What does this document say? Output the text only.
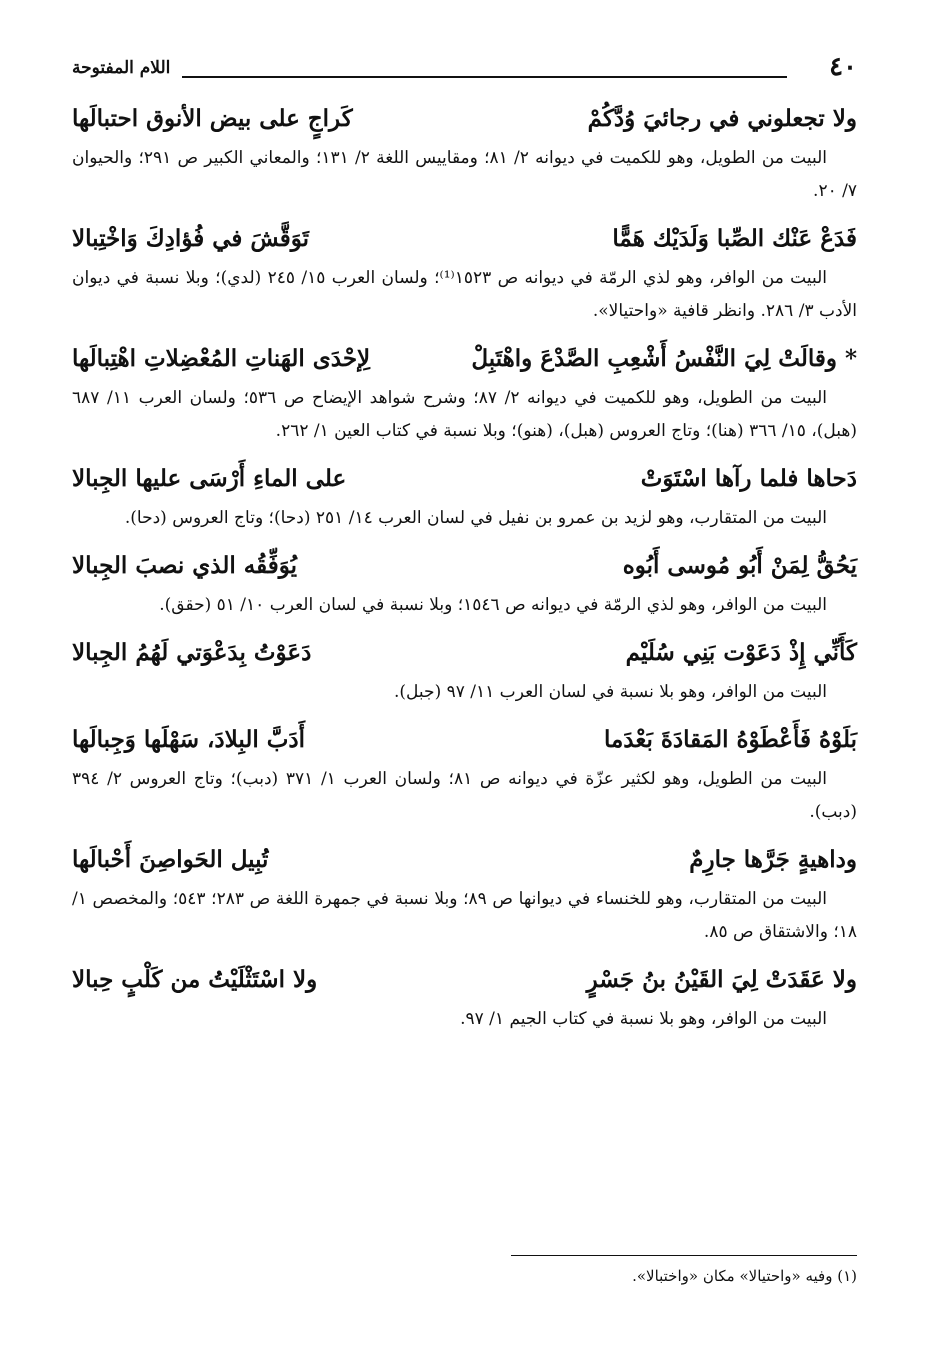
٤٠
اللام المفتوحة
ولا تجعلوني في رجائيَ وُدَّكُمْ
كَراجٍ على بيض الأنوق احتبالَها
البيت من الطويل، وهو للكميت في ديوانه ٢/ ٨١؛ ومقاييس اللغة ٢/ ١٣١؛ والمعاني الكبير ص ٢٩١؛ والحيوان ٧/ ٢٠.
فَدَعْ عَنْك الصِّبا وَلَدَيْك هَمًّا
تَوَقَّشَ في فُؤادِكَ وَاخْتِبالا
البيت من الوافر، وهو لذي الرمّة في ديوانه ص ١٥٢٣⁽¹⁾؛ ولسان العرب ١٥/ ٢٤٥ (لدي)؛ وبلا نسبة في ديوان الأدب ٣/ ٢٨٦. وانظر قافية «واحتيالا».
* وقالَتْ لِيَ النَّفْسُ أَشْعِبِ الصَّدْعَ واهْتَبِلْ
لِإحْدَى الهَناتِ المُعْضِلاتِ اهْتِبالَها
البيت من الطويل، وهو للكميت في ديوانه ٢/ ٨٧؛ وشرح شواهد الإيضاح ص ٥٣٦؛ ولسان العرب ١١/ ٦٨٧ (هبل)، ١٥/ ٣٦٦ (هنا)؛ وتاج العروس (هبل)، (هنو)؛ وبلا نسبة في كتاب العين ١/ ٢٦٢.
دَحاها فلما رآها اسْتَوَتْ
على الماءِ أَرْسَى عليها الجِبالا
البيت من المتقارب، وهو لزيد بن عمرو بن نفيل في لسان العرب ١٤/ ٢٥١ (دحا)؛ وتاج العروس (دحا).
يَحُقُّ لِمَنْ أَبُو مُوسى أَبُوه
يُوَفِّقُه الذي نصبَ الجِبالا
البيت من الوافر، وهو لذي الرمّة في ديوانه ص ١٥٤٦؛ وبلا نسبة في لسان العرب ١٠/ ٥١ (حقق).
كَأَنِّي إِذْ دَعَوْت بَنِي سُلَيْم
دَعَوْتُ بِدَعْوَتي لَهُمُ الجِبالا
البيت من الوافر، وهو بلا نسبة في لسان العرب ١١/ ٩٧ (جبل).
بَلَوْهُ فَأَعْطَوْهُ المَقادَةَ بَعْدَما
أَدَبَّ البِلادَ، سَهْلَها وَجِبالَها
البيت من الطويل، وهو لكثير عزّة في ديوانه ص ٨١؛ ولسان العرب ١/ ٣٧١ (دبب)؛ وتاج العروس ٢/ ٣٩٤ (دبب).
وداهيةٍ جَرَّها جارِمٌ
تُبِيل الحَواصِنَ أَحْبالَها
البيت من المتقارب، وهو للخنساء في ديوانها ص ٨٩؛ وبلا نسبة في جمهرة اللغة ص ٢٨٣؛ ٥٤٣؛ والمخصص ١/ ١٨؛ والاشتقاق ص ٨٥.
ولا عَقَدَتْ لِيَ القَيْنُ بنُ جَسْرٍ
ولا اسْتَثْلَيْتُ من كَلْبٍ حِبالا
البيت من الوافر، وهو بلا نسبة في كتاب الجيم ١/ ٩٧.
(١) وفيه «واحتيالا» مكان «واختبالا».
